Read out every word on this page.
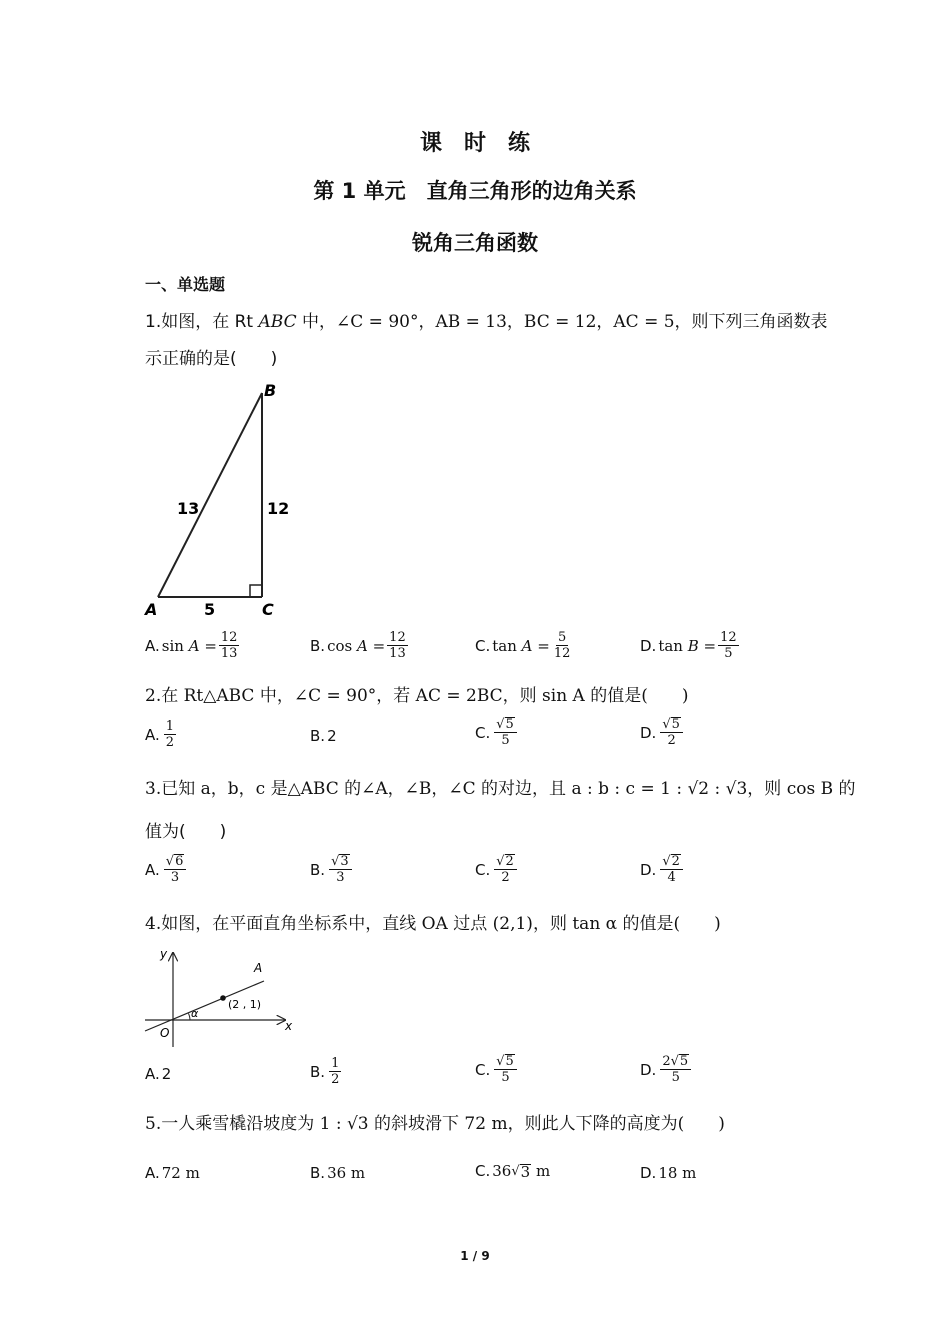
课　时　练
第 1 单元　直角三角形的边角关系
锐角三角函数
一、单选题
1.如图，在 Rt ABC 中，∠C = 90°，AB = 13，BC = 12，AC = 5，则下列三角函数表
示正确的是(　　)
B
A	C
13	12
5
A. sin
$A = \frac{12}{13}$	B. cos
$A = \frac{12}{13}$	C. tan
$A = \frac{5}{12}$	D. tan
$B = \frac{12}{5}$
2.在 Rt△ABC 中，∠C = 90°，若 AC = 2BC，则 sin A 的值是(　　)
A. $\frac{1}{2}$	B. 2	C. $\frac{√ 5}{5}$	D. $\frac{√ 5}{2}$
3.已知 a，b，c 是△ABC 的∠A，∠B，∠C 的对边，且 a : b : c = 1 : √2 : √3，则 cos B 的
值为(　　)
A. $\frac{√ 6}{3}$	B. $\frac{√ 3}{3}$	C. $\frac{√ 2}{2}$	D. $\frac{√ 2}{4}$
4.如图，在平面直角坐标系中，直线 OA 过点 (2,1)，则 tan α 的值是(　　)
y
x
O
A
α
(2 , 1)
A. 2	B. $\frac{1}{2}$	C. $\frac{√ 5}{5}$	D. $\frac{2 √ 5}{5}$
5.一人乘雪橇沿坡度为 1 : √3 的斜坡滑下 72 m，则此人下降的高度为(　　)
A. 72 m	B. 36 m	C. 36 √ 3
m	D. 18 m
1 / 9
